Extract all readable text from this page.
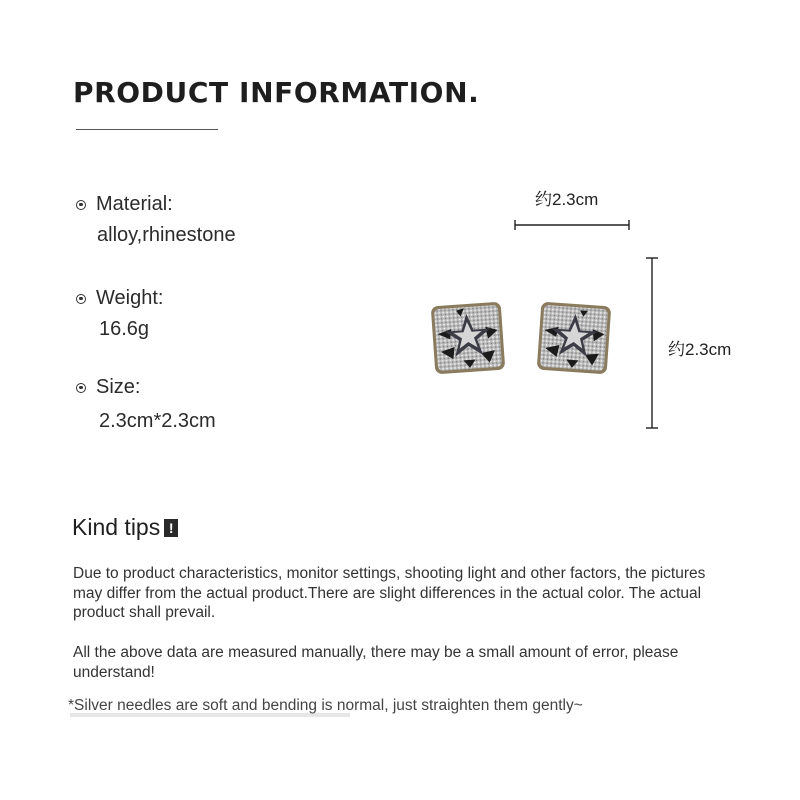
PRODUCT INFORMATION.
Material:
alloy,rhinestone
Weight:
16.6g
Size:
2.3cm*2.3cm
约2.3cm
约2.3cm
Kind tips !
Due to product characteristics, monitor settings, shooting light and other factors, the pictures may differ from the actual product.There are slight differences in the actual color. The actual product shall prevail.
All the above data are measured manually, there may be a small amount of error, please understand!
*Silver needles are soft and bending is normal, just straighten them gently~
